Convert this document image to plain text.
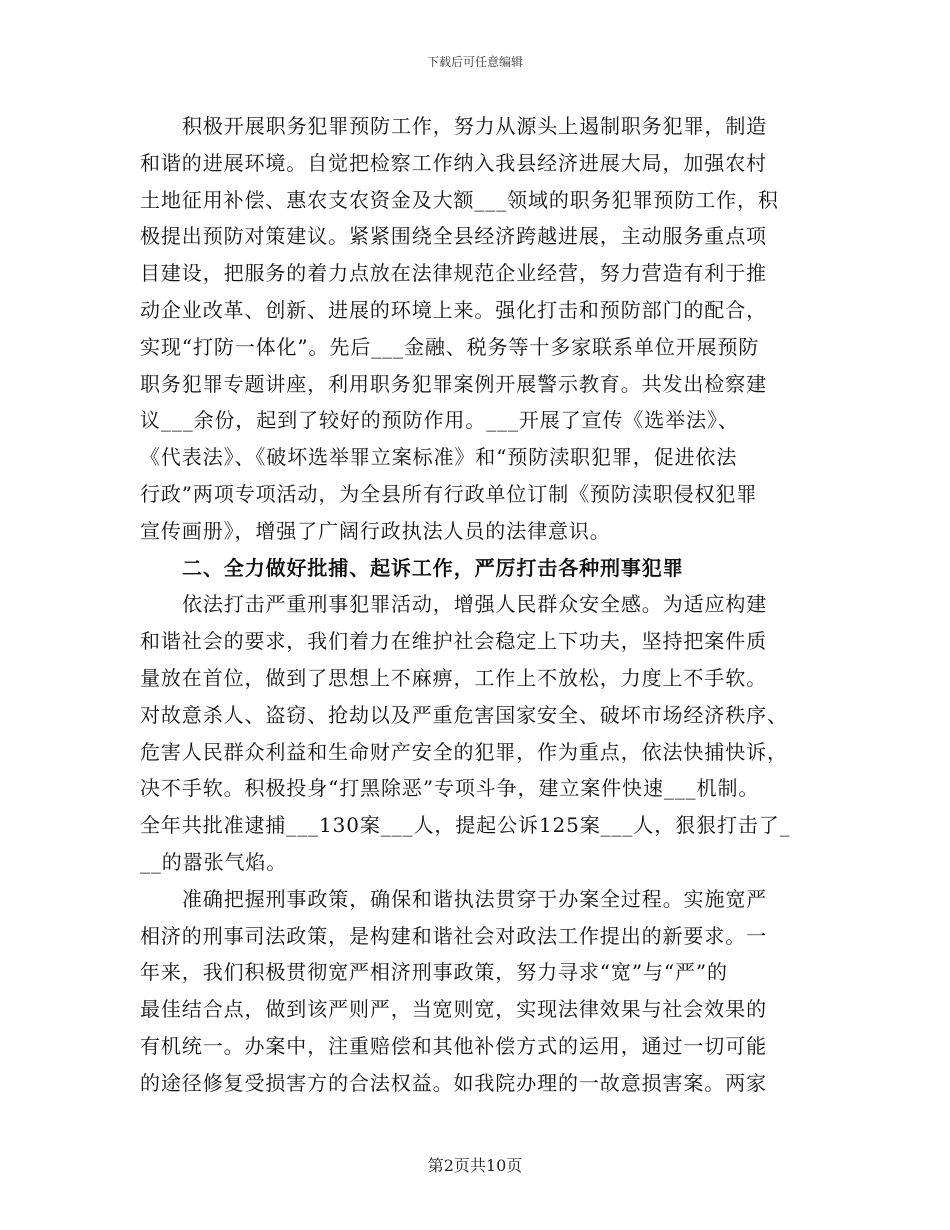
下载后可任意编辑
积极开展职务犯罪预防工作，努力从源头上遏制职务犯罪，制造
和谐的进展环境。自觉把检察工作纳入我县经济进展大局，加强农村
土地征用补偿、惠农支农资金及大额___领域的职务犯罪预防工作，积
极提出预防对策建议。紧紧围绕全县经济跨越进展，主动服务重点项
目建设，把服务的着力点放在法律规范企业经营，努力营造有利于推
动企业改革、创新、进展的环境上来。强化打击和预防部门的配合，
实现“打防一体化”。先后___金融、税务等十多家联系单位开展预防
职务犯罪专题讲座，利用职务犯罪案例开展警示教育。共发出检察建
议___余份，起到了较好的预防作用。___开展了宣传《选举法》、
《代表法》、《破坏选举罪立案标准》和“预防渎职犯罪，促进依法
行政”两项专项活动，为全县所有行政单位订制《预防渎职侵权犯罪
宣传画册》，增强了广阔行政执法人员的法律意识。
二、全力做好批捕、起诉工作，严厉打击各种刑事犯罪
依法打击严重刑事犯罪活动，增强人民群众安全感。为适应构建
和谐社会的要求，我们着力在维护社会稳定上下功夫，坚持把案件质
量放在首位，做到了思想上不麻痹，工作上不放松，力度上不手软。
对故意杀人、盗窃、抢劫以及严重危害国家安全、破坏市场经济秩序、
危害人民群众利益和生命财产安全的犯罪，作为重点，依法快捕快诉，
决不手软。积极投身“打黑除恶”专项斗争，建立案件快速___机制。
全年共批准逮捕___130案___人，提起公诉125案___人，狠狠打击了_
__的嚣张气焰。
准确把握刑事政策，确保和谐执法贯穿于办案全过程。实施宽严
相济的刑事司法政策，是构建和谐社会对政法工作提出的新要求。一
年来，我们积极贯彻宽严相济刑事政策，努力寻求“宽”与“严”的
最佳结合点，做到该严则严，当宽则宽，实现法律效果与社会效果的
有机统一。办案中，注重赔偿和其他补偿方式的运用，通过一切可能
的途径修复受损害方的合法权益。如我院办理的一故意损害案。两家
第2页共10页
